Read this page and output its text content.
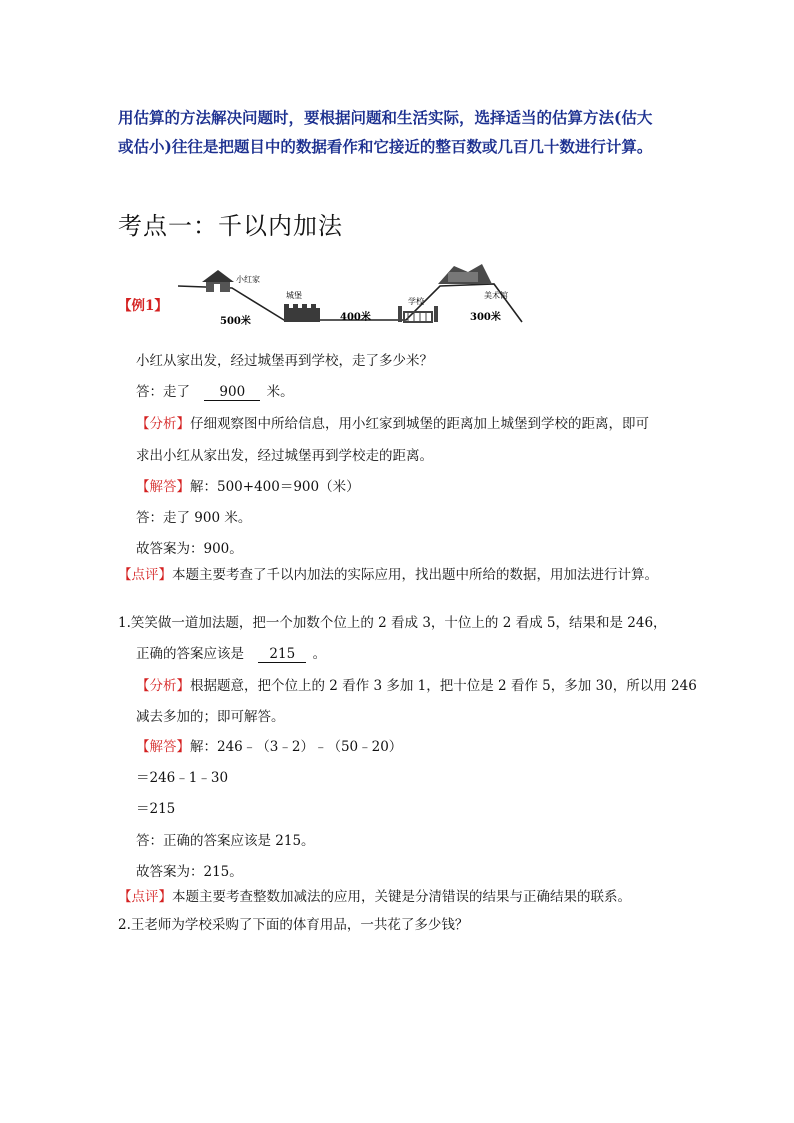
用估算的方法解决问题时，要根据问题和生活实际，选择适当的估算方法(估大
或估小)往往是把题目中的数据看作和它接近的整百数或几百几十数进行计算。
考点一：千以内加法
【例1】
小红家
城堡
学校
美术馆
500米	400米	300米
小红从家出发，经过城堡再到学校，走了多少米？
答：走了 900 米。
【分析】仔细观察图中所给信息，用小红家到城堡的距离加上城堡到学校的距离，即可
求出小红从家出发，经过城堡再到学校走的距离。
【解答】解：500+400＝900（米）
答：走了 900 米。
故答案为：900。
【点评】本题主要考查了千以内加法的实际应用，找出题中所给的数据，用加法进行计算。
1.笑笑做一道加法题，把一个加数个位上的 2 看成 3，十位上的 2 看成 5，结果和是 246，
正确的答案应该是 215 。
【分析】根据题意，把个位上的 2 看作 3 多加 1，把十位是 2 看作 5，多加 30，所以用 246
减去多加的；即可解答。
【解答】解：246﹣（3﹣2）﹣（50﹣20）
＝246﹣1﹣30
＝215
答：正确的答案应该是 215。
故答案为：215。
【点评】本题主要考查整数加减法的应用，关键是分清错误的结果与正确结果的联系。
2.王老师为学校采购了下面的体育用品，一共花了多少钱？
